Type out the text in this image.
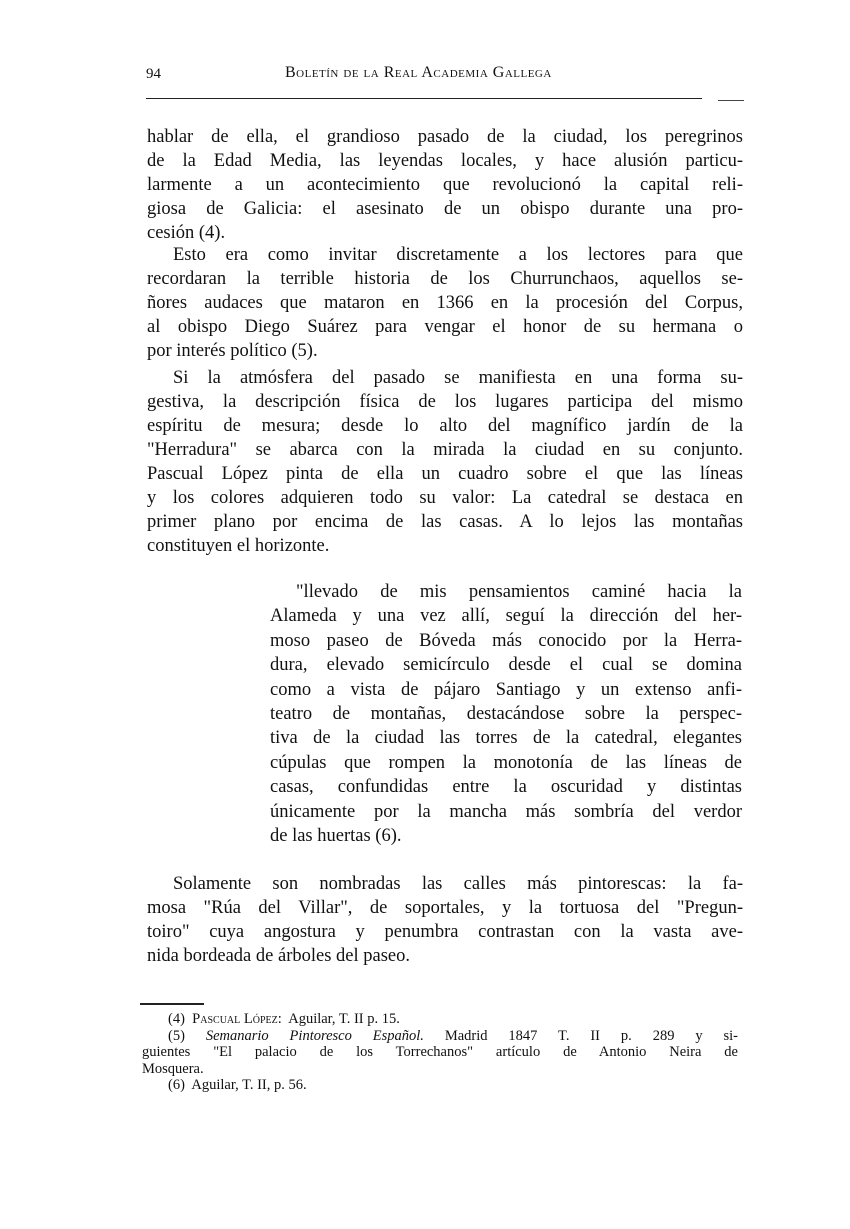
94	Boletín de la Real Academia Gallega
hablar de ella, el grandioso pasado de la ciudad, los peregrinos
de la Edad Media, las leyendas locales, y hace alusión particu-
larmente a un acontecimiento que revolucionó la capital reli-
giosa de Galicia: el asesinato de un obispo durante una pro-
cesión (4).
Esto era como invitar discretamente a los lectores para que
recordaran la terrible historia de los Churrunchaos, aquellos se-
ñores audaces que mataron en 1366 en la procesión del Corpus,
al obispo Diego Suárez para vengar el honor de su hermana o
por interés político (5).
Si la atmósfera del pasado se manifiesta en una forma su-
gestiva, la descripción física de los lugares participa del mismo
espíritu de mesura; desde lo alto del magnífico jardín de la
"Herradura" se abarca con la mirada la ciudad en su conjunto.
Pascual López pinta de ella un cuadro sobre el que las líneas
y los colores adquieren todo su valor: La catedral se destaca en
primer plano por encima de las casas. A lo lejos las montañas
constituyen el horizonte.
"llevado de mis pensamientos caminé hacia la
Alameda y una vez allí, seguí la dirección del her-
moso paseo de Bóveda más conocido por la Herra-
dura, elevado semicírculo desde el cual se domina
como a vista de pájaro Santiago y un extenso anfi-
teatro de montañas, destacándose sobre la perspec-
tiva de la ciudad las torres de la catedral, elegantes
cúpulas que rompen la monotonía de las líneas de
casas, confundidas entre la oscuridad y distintas
únicamente por la mancha más sombría del verdor
de las huertas (6).
Solamente son nombradas las calles más pintorescas: la fa-
mosa "Rúa del Villar", de soportales, y la tortuosa del "Pregun-
toiro" cuya angostura y penumbra contrastan con la vasta ave-
nida bordeada de árboles del paseo.
(4) Pascual López: Aguilar, T. II p. 15.
(5) Semanario Pintoresco Español. Madrid 1847 T. II p. 289 y si-
guientes "El palacio de los Torrechanos" artículo de Antonio Neira de
Mosquera.
(6) Aguilar, T. II, p. 56.
